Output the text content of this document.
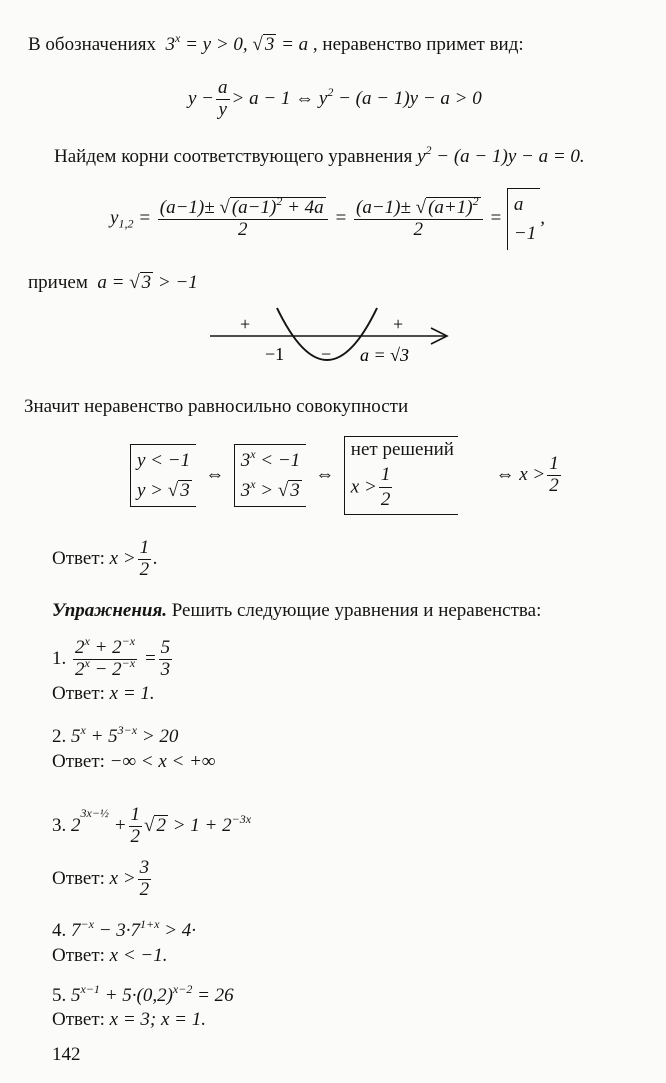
В обозначениях  $3^x = y > 0$, √ 3 = a , неравенство примет вид:
$y - \frac{a}{y} > a - 1$ ⇔ $y^2 - (a - 1)y - a > 0$
Найдем корни соответствующего уравнения $y^2 - (a - 1)y - a = 0$.
$y_{1,2} = \frac{(a-1)\pm √ (a-1)^2 + 4a}{2} = \frac{(a-1)\pm √ (a+1)^2}{2} = a$
−1,
причем  a = √ 3 > −1
+
−
+
−1	a = √3
Значит неравенство равносильно совокупности
y < −1
y > √ 3  ⇔  $3^x < -1$
$3^x$ > √ 3  ⇔  нет решений
$x > \frac{1}{2}$	⇔ $x > \frac{1}{2}$
Ответ: $x > \frac{1}{2}$ .
Упражнения. Решить следующие уравнения и неравенства:
1. $\frac{2^x + 2^{-x}}{2^x - 2^{-x}} = \frac{5}{3}$
Ответ: x = 1.
2. $5^x + 5^{3-x} > 20$
Ответ: −∞ < x < +∞
3. $2^{3x-\frac{1}{2}} + \frac{1}{2}$ √ $2 > 1 + 2^{-3x}$
Ответ: $x > \frac{3}{2}$
4. $7^{-x} - 3\cdot 7^{1+x} > 4\cdot$
Ответ: x < −1.
5. $5^{x-1} + 5\cdot(0,2)^{x-2} = 26$
Ответ: x = 3; x = 1.
142
